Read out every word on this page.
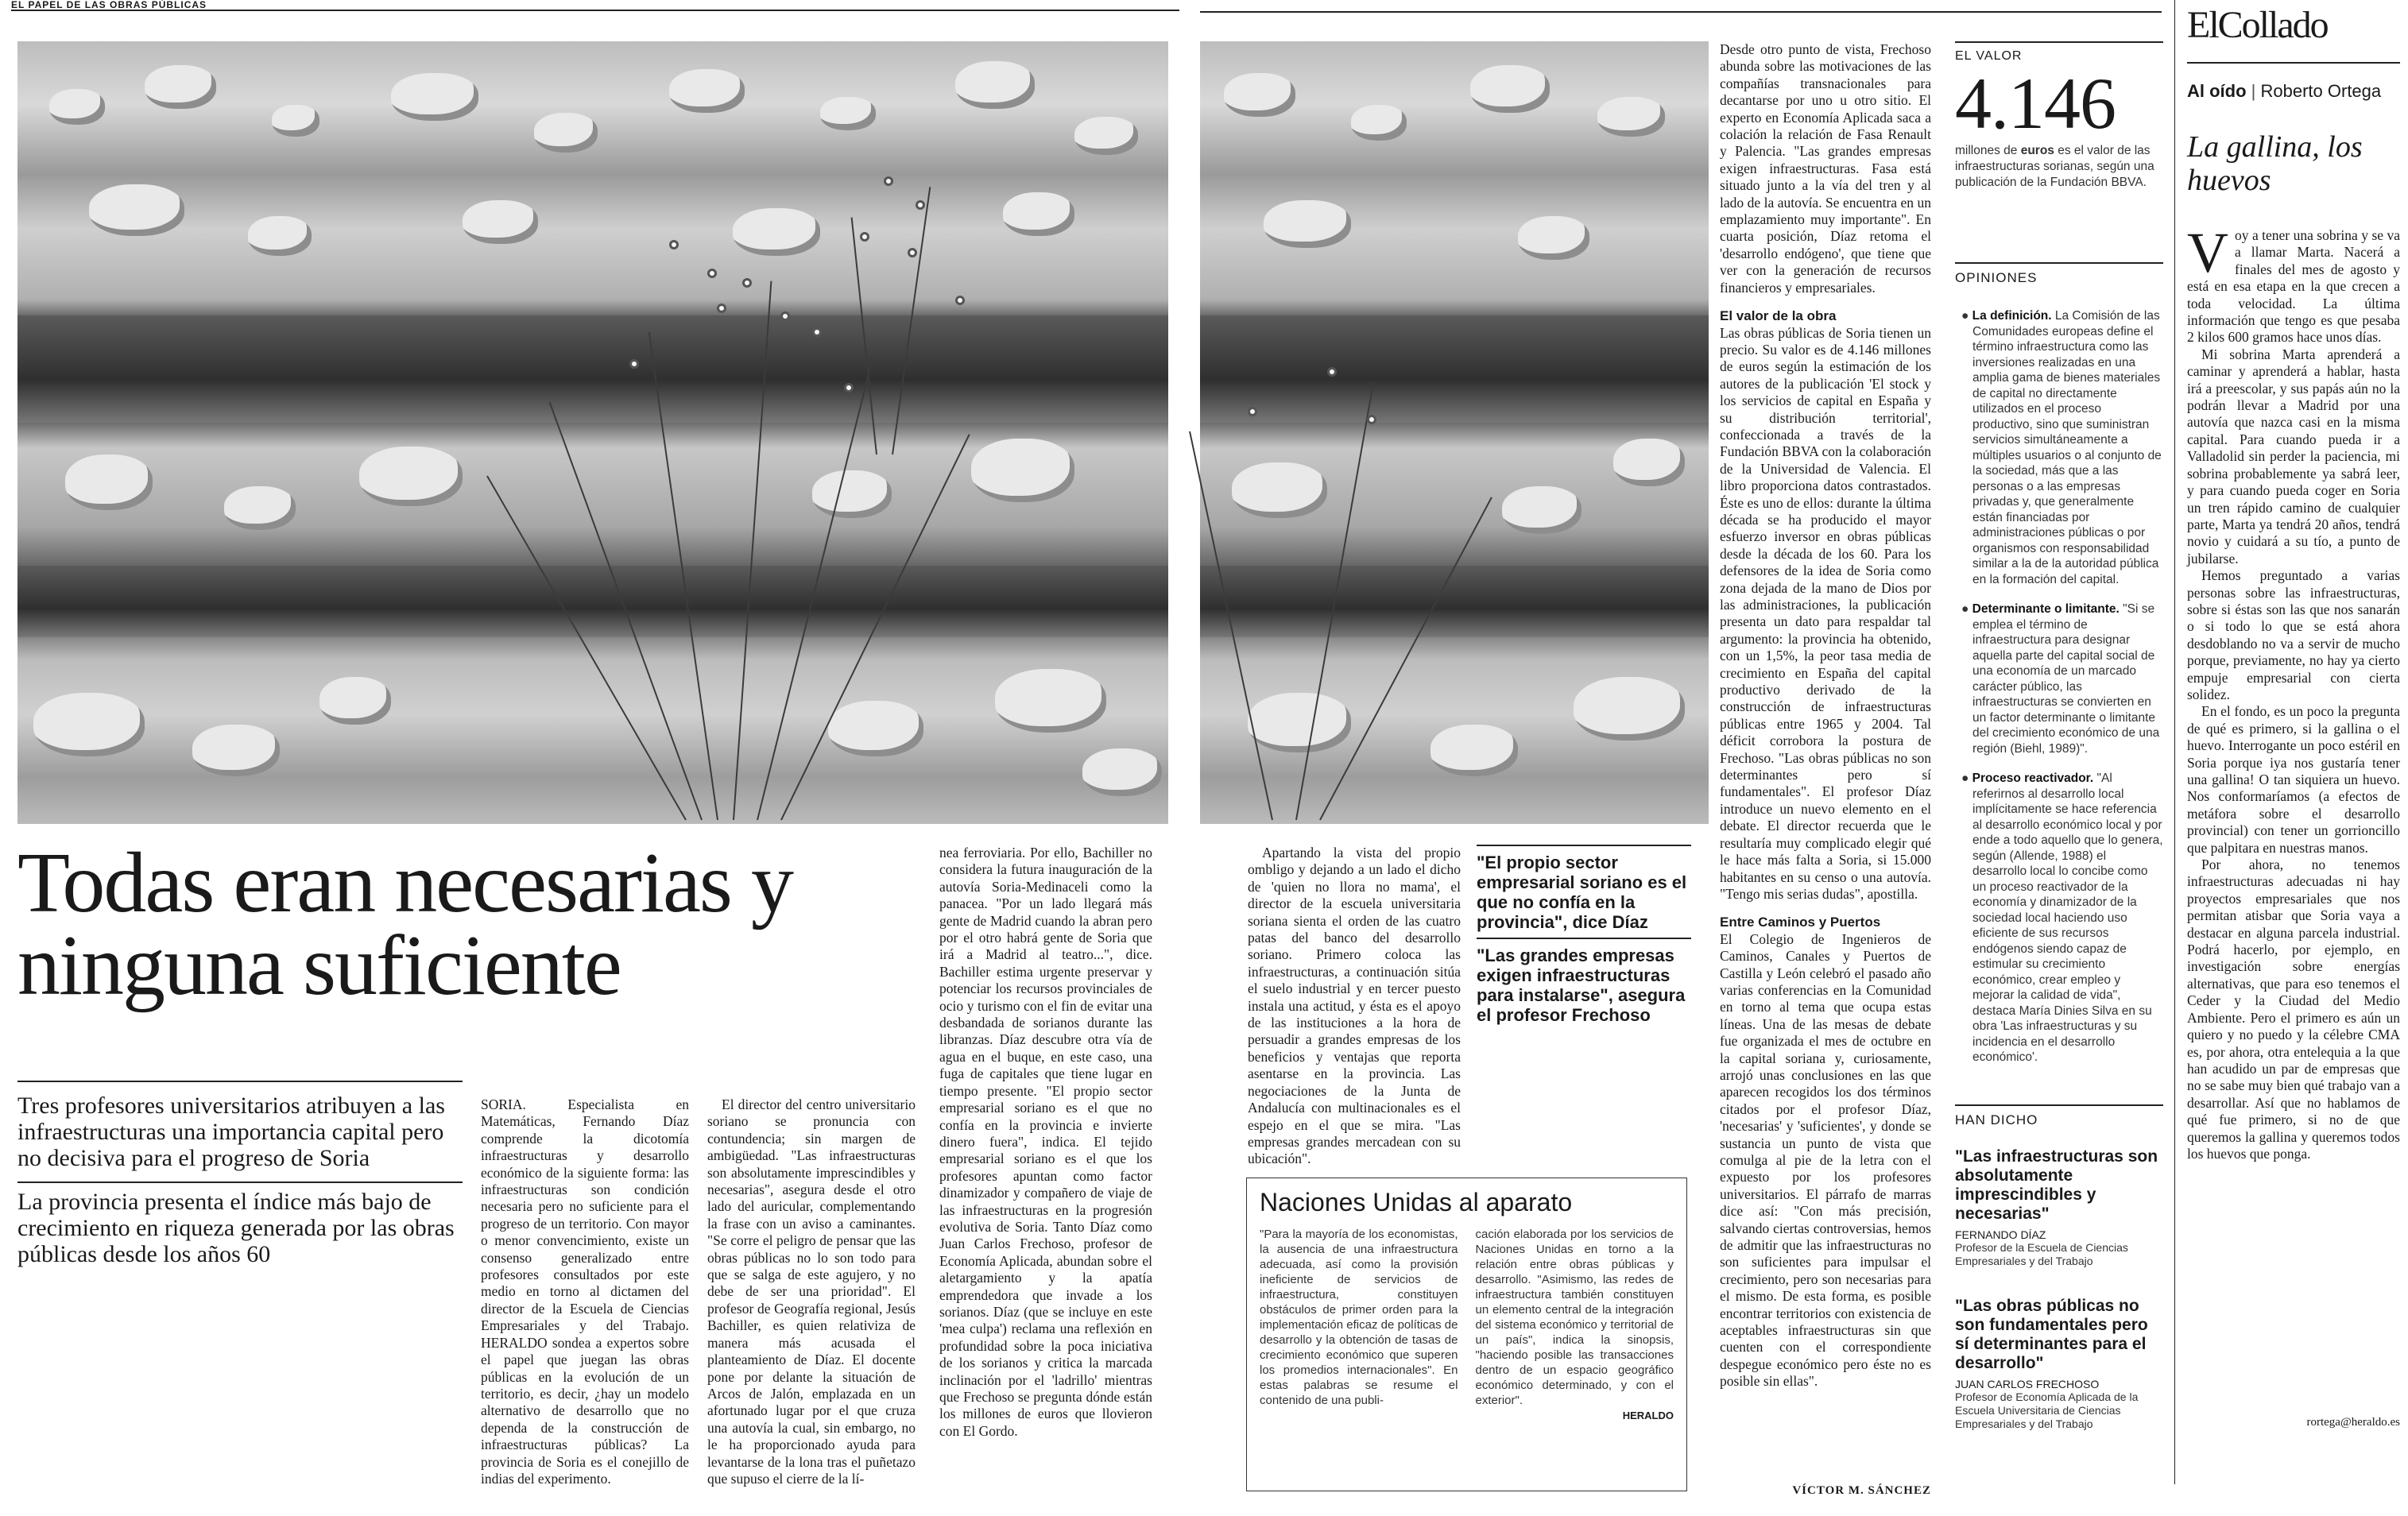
EL PAPEL DE LAS OBRAS PÚBLICAS
Todas eran necesarias y ninguna suficiente

Tres profesores universitarios atribuyen a las infraestructuras una importancia capital pero no decisiva para el progreso de Soria

La provincia presenta el índice más bajo de crecimiento en riqueza generada por las obras públicas desde los años 60

SORIA. Especialista en Matemáticas, Fernando Díaz comprende la dicotomía infraestructuras y desarrollo económico de la siguiente forma: las infraestructuras son condición necesaria pero no suficiente para el progreso de un territorio. Con mayor o menor convencimiento, existe un consenso generalizado entre profesores consultados por este medio en torno al dictamen del director de la Escuela de Ciencias Empresariales y del Trabajo. HERALDO sondea a expertos sobre el papel que juegan las obras públicas en la evolución de un territorio, es decir, ¿hay un modelo alternativo de desarrollo que no dependa de la construcción de infraestructuras públicas? La provincia de Soria es el conejillo de indias del experimento.

El director del centro universitario soriano se pronuncia con contundencia; sin margen de ambigüedad. "Las infraestructuras son absolutamente imprescindibles y necesarias", asegura desde el otro lado del auricular, complementando la frase con un aviso a caminantes. "Se corre el peligro de pensar que las obras públicas no lo son todo para que se salga de este agujero, y no debe de ser una prioridad". El profesor de Geografía regional, Jesús Bachiller, es quien relativiza de manera más acusada el planteamiento de Díaz. El docente pone por delante la situación de Arcos de Jalón, emplazada en un afortunado lugar por el que cruza una autovía la cual, sin embargo, no le ha proporcionado ayuda para levantarse de la lona tras el puñetazo que supuso el cierre de la lí-

nea ferroviaria. Por ello, Bachiller no considera la futura inauguración de la autovía Soria-Medinaceli como la panacea. "Por un lado llegará más gente de Madrid cuando la abran pero por el otro habrá gente de Soria que irá a Madrid al teatro...", dice. Bachiller estima urgente preservar y potenciar los recursos provinciales de ocio y turismo con el fin de evitar una desbandada de sorianos durante las libranzas. Díaz descubre otra vía de agua en el buque, en este caso, una fuga de capitales que tiene lugar en tiempo presente. "El propio sector empresarial soriano es el que no confía en la provincia e invierte dinero fuera", indica. El tejido empresarial soriano es el que los profesores apuntan como factor dinamizador y compañero de viaje de las infraestructuras en la progresión evolutiva de Soria. Tanto Díaz como Juan Carlos Frechoso, profesor de Economía Aplicada, abundan sobre el aletargamiento y la apatía emprendedora que invade a los sorianos. Díaz (que se incluye en este 'mea culpa') reclama una reflexión en profundidad sobre la poca iniciativa de los sorianos y critica la marcada inclinación por el 'ladrillo' mientras que Frechoso se pregunta dónde están los millones de euros que llovieron con El Gordo.

Apartando la vista del propio ombligo y dejando a un lado el dicho de 'quien no llora no mama', el director de la escuela universitaria soriana sienta el orden de las cuatro patas del banco del desarrollo soriano. Primero coloca las infraestructuras, a continuación sitúa el suelo industrial y en tercer puesto instala una actitud, y ésta es el apoyo de las instituciones a la hora de persuadir a grandes empresas de los beneficios y ventajas que reporta asentarse en la provincia. Las negociaciones de la Junta de Andalucía con multinacionales es el espejo en el que se mira. "Las empresas grandes mercadean con su ubicación".

"El propio sector empresarial soriano es el que no confía en la provincia", dice Díaz

"Las grandes empresas exigen infraestructuras para instalarse", asegura el profesor Frechoso

Naciones Unidas al aparato

"Para la mayoría de los economistas, la ausencia de una infraestructura adecuada, así como la provisión ineficiente de servicios de infraestructura, constituyen obstáculos de primer orden para la implementación eficaz de políticas de desarrollo y la obtención de tasas de crecimiento económico que superen los promedios internacionales". En estas palabras se resume el contenido de una publi-

cación elaborada por los servicios de Naciones Unidas en torno a la relación entre obras públicas y desarrollo. "Asimismo, las redes de infraestructura también constituyen un elemento central de la integración del sistema económico y territorial de un país", indica la sinopsis, "haciendo posible las transacciones dentro de un espacio geográfico económico determinado, y con el exterior".

HERALDO

Desde otro punto de vista, Frechoso abunda sobre las motivaciones de las compañías transnacionales para decantarse por uno u otro sitio. El experto en Economía Aplicada saca a colación la relación de Fasa Renault y Palencia. "Las grandes empresas exigen infraestructuras. Fasa está situado junto a la vía del tren y al lado de la autovía. Se encuentra en un emplazamiento muy importante". En cuarta posición, Díaz retoma el 'desarrollo endógeno', que tiene que ver con la generación de recursos financieros y empresariales.

El valor de la obra

Las obras públicas de Soria tienen un precio. Su valor es de 4.146 millones de euros según la estimación de los autores de la publicación 'El stock y los servicios de capital en España y su distribución territorial', confeccionada a través de la Fundación BBVA con la colaboración de la Universidad de Valencia. El libro proporciona datos contrastados. Éste es uno de ellos: durante la última década se ha producido el mayor esfuerzo inversor en obras públicas desde la década de los 60. Para los defensores de la idea de Soria como zona dejada de la mano de Dios por las administraciones, la publicación presenta un dato para respaldar tal argumento: la provincia ha obtenido, con un 1,5%, la peor tasa media de crecimiento en España del capital productivo derivado de la construcción de infraestructuras públicas entre 1965 y 2004. Tal déficit corrobora la postura de Frechoso. "Las obras públicas no son determinantes pero sí fundamentales". El profesor Díaz introduce un nuevo elemento en el debate. El director recuerda que le resultaría muy complicado elegir qué le hace más falta a Soria, si 15.000 habitantes en su censo o una autovía. "Tengo mis serias dudas", apostilla.

Entre Caminos y Puertos

El Colegio de Ingenieros de Caminos, Canales y Puertos de Castilla y León celebró el pasado año varias conferencias en la Comunidad en torno al tema que ocupa estas líneas. Una de las mesas de debate fue organizada el mes de octubre en la capital soriana y, curiosamente, arrojó unas conclusiones en las que aparecen recogidos los dos términos citados por el profesor Díaz, 'necesarias' y 'suficientes', y donde se sustancia un punto de vista que comulga al pie de la letra con el expuesto por los profesores universitarios. El párrafo de marras dice así: "Con más precisión, salvando ciertas controversias, hemos de admitir que las infraestructuras no son suficientes para impulsar el crecimiento, pero son necesarias para el mismo. De esta forma, es posible encontrar territorios con existencia de aceptables infraestructuras sin que cuenten con el correspondiente despegue económico pero éste no es posible sin ellas".

VÍCTOR M. SÁNCHEZ
EL VALOR
4.146

millones de euros es el valor de las infraestructuras sorianas, según una publicación de la Fundación BBVA.

OPINIONES
● La definición. La Comisión de las Comunidades europeas define el término infraestructura como las inversiones realizadas en una amplia gama de bienes materiales de capital no directamente utilizados en el proceso productivo, sino que suministran servicios simultáneamente a múltiples usuarios o al conjunto de la sociedad, más que a las personas o a las empresas privadas y, que generalmente están financiadas por administraciones públicas o por organismos con responsabilidad similar a la de la autoridad pública en la formación del capital.
● Determinante o limitante. "Si se emplea el término de infraestructura para designar aquella parte del capital social de una economía de un marcado carácter público, las infraestructuras se convierten en un factor determinante o limitante del crecimiento económico de una región (Biehl, 1989)".
● Proceso reactivador. "Al referirnos al desarrollo local implícitamente se hace referencia al desarrollo económico local y por ende a todo aquello que lo genera, según (Allende, 1988) el desarrollo local lo concibe como un proceso reactivador de la economía y dinamizador de la sociedad local haciendo uso eficiente de sus recursos endógenos siendo capaz de estimular su crecimiento económico, crear empleo y mejorar la calidad de vida", destaca María Dinies Silva en su obra 'Las infraestructuras y su incidencia en el desarrollo económico'.
HAN DICHO

"Las infraestructuras son absolutamente imprescindibles y necesarias"

FERNANDO DÍAZ

Profesor de la Escuela de Ciencias Empresariales y del Trabajo

"Las obras públicas no son fundamentales pero sí determinantes para el desarrollo"

JUAN CARLOS FRECHOSO

Profesor de Economía Aplicada de la Escuela Universitaria de Ciencias Empresariales y del Trabajo

ElCollado
Al oído | Roberto Ortega
La gallina, los huevos

Voy a tener una sobrina y se va a llamar Marta. Nacerá a finales del mes de agosto y está en esa etapa en la que crecen a toda velocidad. La última información que tengo es que pesaba 2 kilos 600 gramos hace unos días.

Mi sobrina Marta aprenderá a caminar y aprenderá a hablar, hasta irá a preescolar, y sus papás aún no la podrán llevar a Madrid por una autovía que nazca casi en la misma capital. Para cuando pueda ir a Valladolid sin perder la paciencia, mi sobrina probablemente ya sabrá leer, y para cuando pueda coger en Soria un tren rápido camino de cualquier parte, Marta ya tendrá 20 años, tendrá novio y cuidará a su tío, a punto de jubilarse.

Hemos preguntado a varias personas sobre las infraestructuras, sobre si éstas son las que nos sanarán o si todo lo que se está ahora desdoblando no va a servir de mucho porque, previamente, no hay ya cierto empuje empresarial con cierta solidez.

En el fondo, es un poco la pregunta de qué es primero, si la gallina o el huevo. Interrogante un poco estéril en Soria porque iya nos gustaría tener una gallina! O tan siquiera un huevo. Nos conformaríamos (a efectos de metáfora sobre el desarrollo provincial) con tener un gorrioncillo que palpitara en nuestras manos.

Por ahora, no tenemos infraestructuras adecuadas ni hay proyectos empresariales que nos permitan atisbar que Soria vaya a destacar en alguna parcela industrial. Podrá hacerlo, por ejemplo, en investigación sobre energías alternativas, que para eso tenemos el Ceder y la Ciudad del Medio Ambiente. Pero el primero es aún un quiero y no puedo y la célebre CMA es, por ahora, otra entelequia a la que han acudido un par de empresas que no se sabe muy bien qué trabajo van a desarrollar. Así que no hablamos de qué fue primero, si no de que queremos la gallina y queremos todos los huevos que ponga.

rortega@heraldo.es
